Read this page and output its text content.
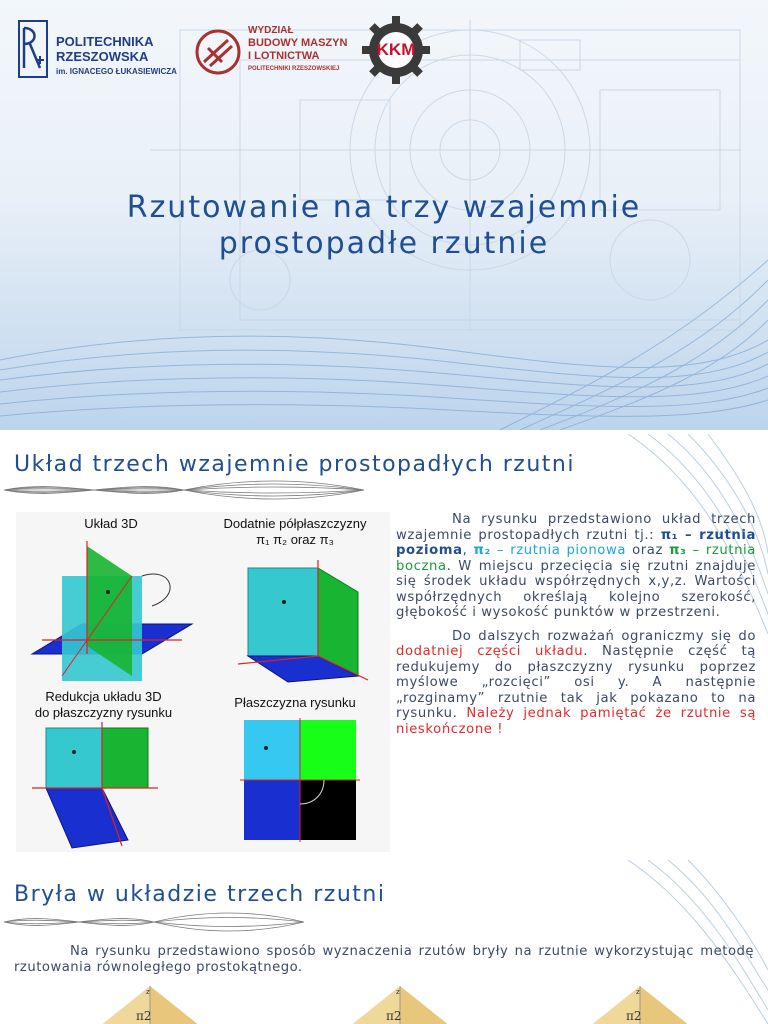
POLITECHNIKA
RZESZOWSKA
im. IGNACEGO ŁUKASIEWICZA
WYDZIAŁ
BUDOWY MASZYN
I LOTNICTWA
POLITECHNIKI RZESZOWSKIEJ
KKM
Rzutowanie na trzy wzajemnie
prostopadłe rzutnie
Układ trzech wzajemnie prostopadłych rzutni
Układ 3D	Dodatnie półpłaszczyzny
π₁ π₂ oraz π₃
Redukcja układu 3D
do płaszczyzny rysunku
Płaszczyzna rysunku

Na rysunku przedstawiono układ trzech wzajemnie prostopadłych rzutni tj.: π₁ – rzutnia pozioma, π₂ – rzutnia pionowa oraz π₃ – rzutnia boczna. W miejscu przecięcia się rzutni znajduje się środek układu współrzędnych x,y,z. Wartości współrzędnych określają kolejno szerokość, głębokość i wysokość punktów w przestrzeni.

Do dalszych rozważań ograniczmy się do dodatniej części układu. Następnie część tą redukujemy do płaszczyzny rysunku poprzez myślowe „rozcięci” osi y. A następnie „rozginamy” rzutnie tak jak pokazano to na rysunku. Należy jednak pamiętać że rzutnie są nieskończone !

Bryła w układzie trzech rzutni

Na rysunku przedstawiono sposób wyznaczenia rzutów bryły na rzutnie wykorzystując metodę rzutowania równoległego prostokątnego.

z
π2
z
π2
z
π2
